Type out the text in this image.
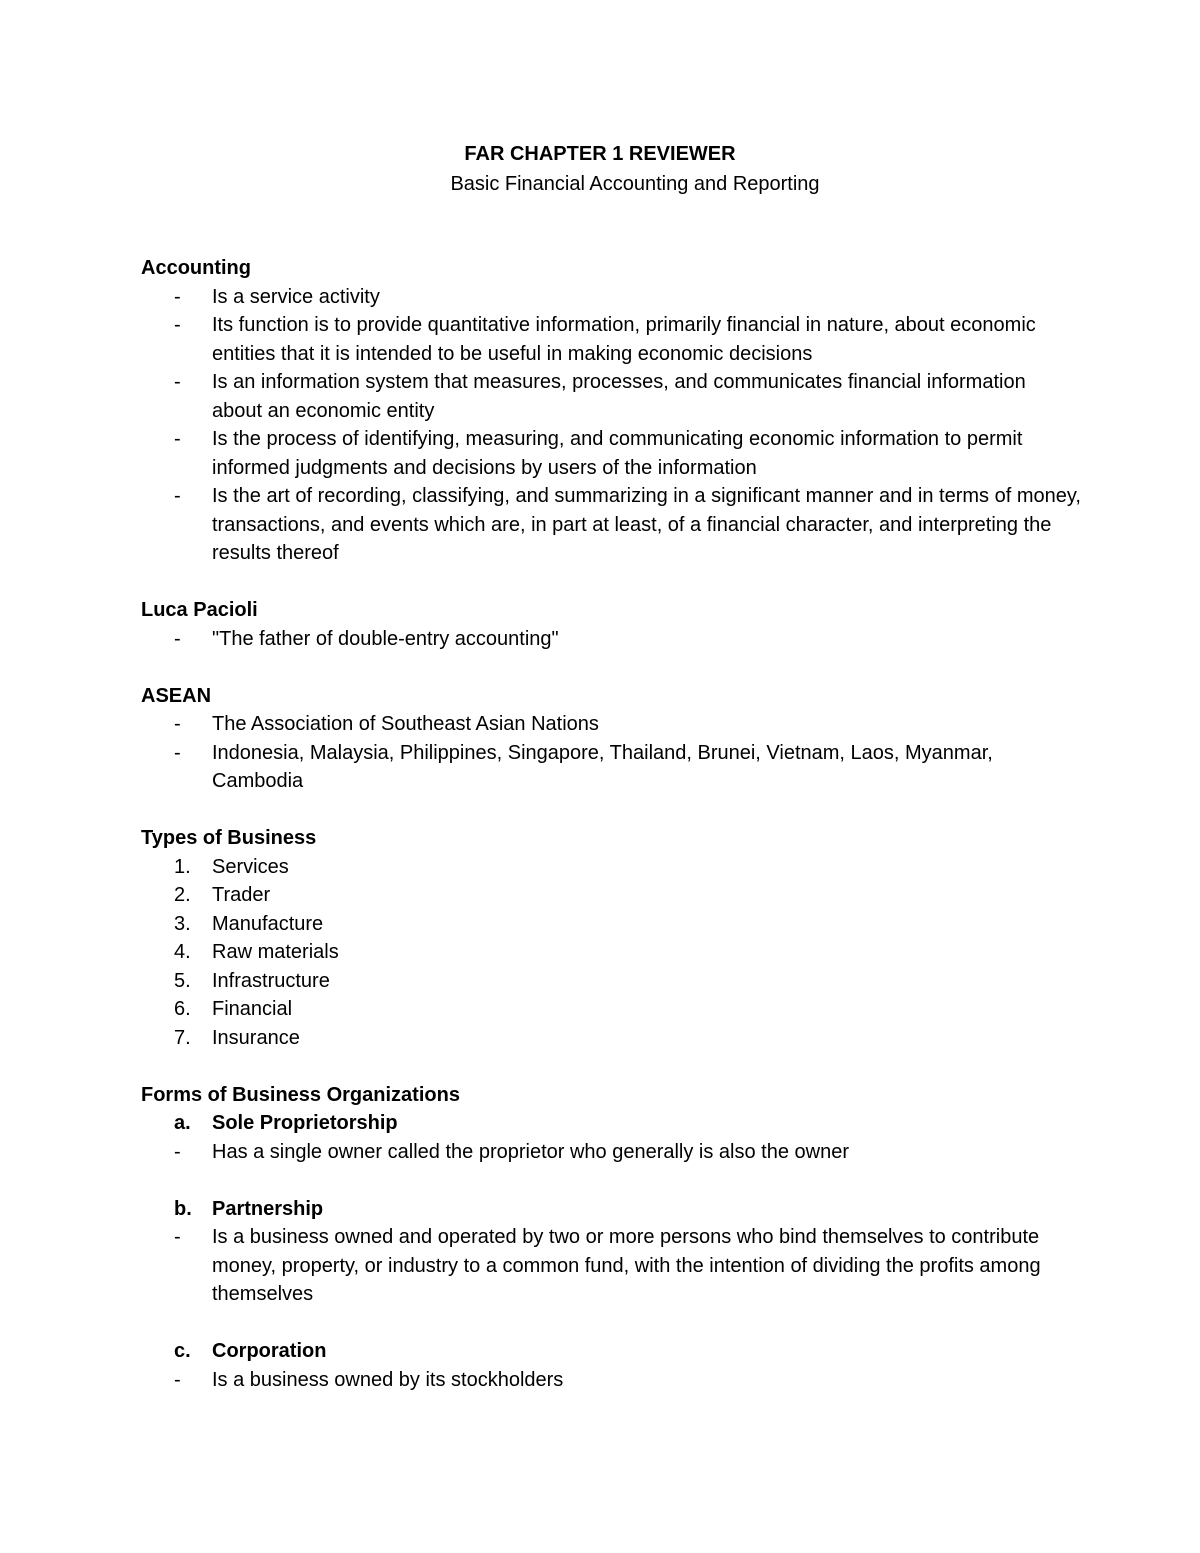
FAR CHAPTER 1 REVIEWER
Basic Financial Accounting and Reporting

Accounting

- Is a service activity
- Its function is to provide quantitative information, primarily financial in nature, about economic entities that it is intended to be useful in making economic decisions
- Is an information system that measures, processes, and communicates financial information about an economic entity
- Is the process of identifying, measuring, and communicating economic information to permit informed judgments and decisions by users of the information
- Is the art of recording, classifying, and summarizing in a significant manner and in terms of money, transactions, and events which are, in part at least, of a financial character, and interpreting the results thereof

Luca Pacioli

- "The father of double-entry accounting"

ASEAN

- The Association of Southeast Asian Nations
- Indonesia, Malaysia, Philippines, Singapore, Thailand, Brunei, Vietnam, Laos, Myanmar, Cambodia

Types of Business

1. Services
2. Trader
3. Manufacture
4. Raw materials
5. Infrastructure
6. Financial
7. Insurance

Forms of Business Organizations

a. Sole Proprietorship
- Has a single owner called the proprietor who generally is also the owner
b. Partnership
- Is a business owned and operated by two or more persons who bind themselves to contribute money, property, or industry to a common fund, with the intention of dividing the profits among themselves
c. Corporation
- Is a business owned by its stockholders
